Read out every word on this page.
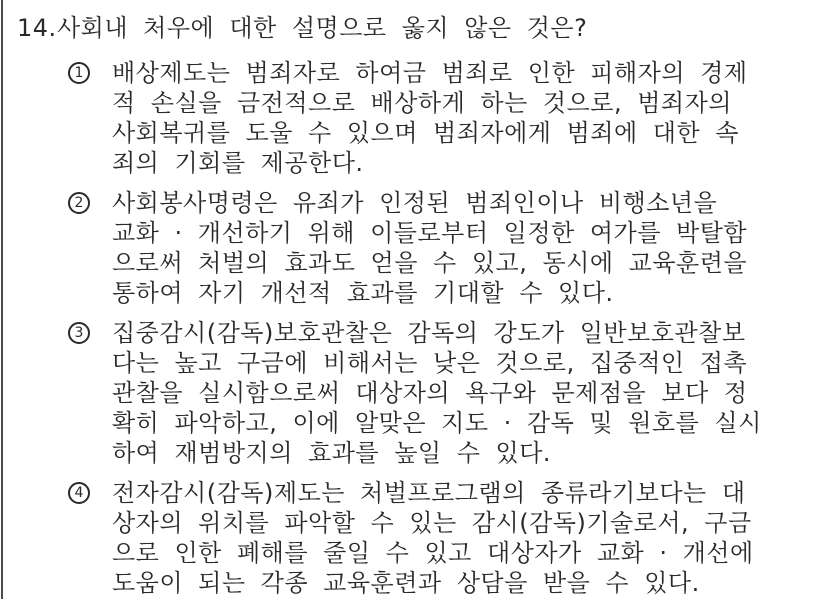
14.사회내 처우에 대한 설명으로 옳지 않은 것은?
1 배상제도는 범죄자로 하여금 범죄로 인한 피해자의 경제
적 손실을 금전적으로 배상하게 하는 것으로, 범죄자의
사회복귀를 도울 수 있으며 범죄자에게 범죄에 대한 속
죄의 기회를 제공한다.
2 사회봉사명령은 유죄가 인정된 범죄인이나 비행소년을
교화 · 개선하기 위해 이들로부터 일정한 여가를 박탈함
으로써 처벌의 효과도 얻을 수 있고, 동시에 교육훈련을
통하여 자기 개선적 효과를 기대할 수 있다.
3 집중감시(감독)보호관찰은 감독의 강도가 일반보호관찰보
다는 높고 구금에 비해서는 낮은 것으로, 집중적인 접촉
관찰을 실시함으로써 대상자의 욕구와 문제점을 보다 정
확히 파악하고, 이에 알맞은 지도 · 감독 및 원호를 실시
하여 재범방지의 효과를 높일 수 있다.
4 전자감시(감독)제도는 처벌프로그램의 종류라기보다는 대
상자의 위치를 파악할 수 있는 감시(감독)기술로서, 구금
으로 인한 폐해를 줄일 수 있고 대상자가 교화 · 개선에
도움이 되는 각종 교육훈련과 상담을 받을 수 있다.
